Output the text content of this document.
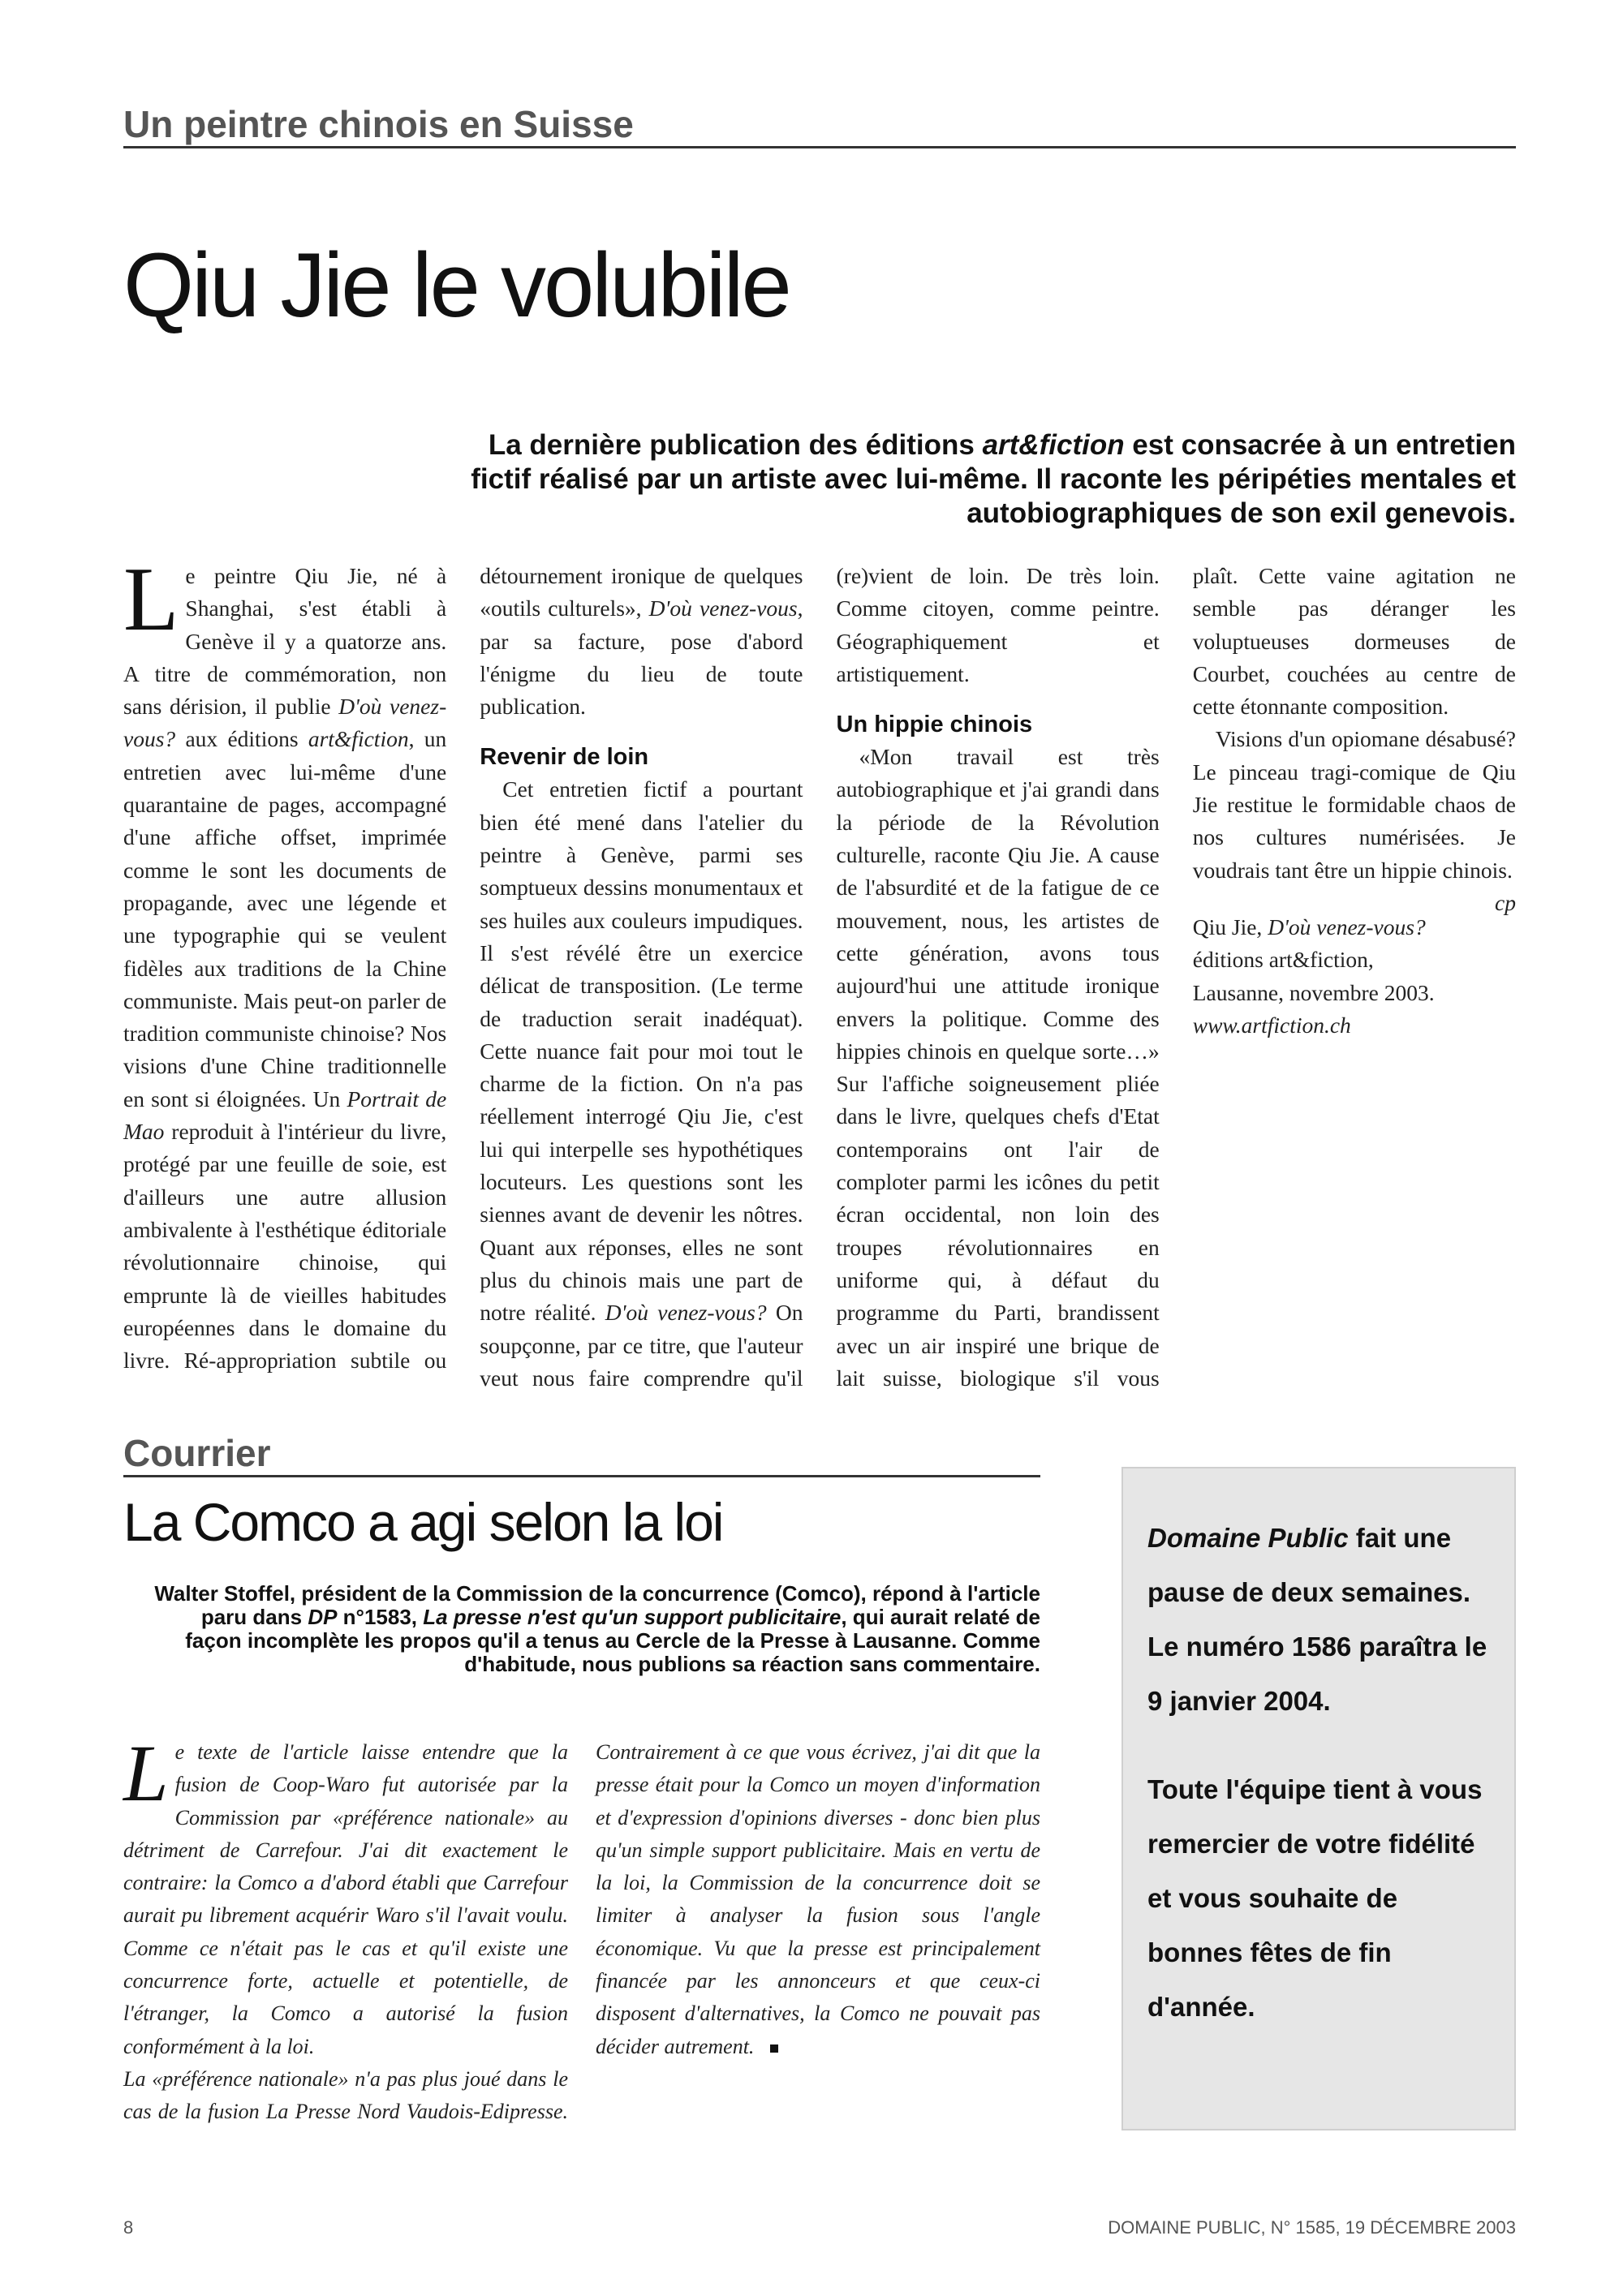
Un peintre chinois en Suisse
Qiu Jie le volubile
La dernière publication des éditions art&fiction est consacrée à un entretien fictif réalisé par un artiste avec lui-même. Il raconte les péripéties mentales et autobiographiques de son exil genevois.

Le peintre Qiu Jie, né à Shanghai, s'est établi à Genève il y a quatorze ans. A titre de commémoration, non sans dérision, il publie D'où venez-vous? aux éditions art&fiction, un entretien avec lui-même d'une quarantaine de pages, accompagné d'une affiche offset, imprimée comme le sont les documents de propagande, avec une légende et une typographie qui se veulent fidèles aux traditions de la Chine communiste. Mais peut-on parler de tradition communiste chinoise? Nos visions d'une Chine traditionnelle en sont si éloignées. Un Portrait de Mao reproduit à l'intérieur du livre, protégé par une feuille de soie, est d'ailleurs une autre allusion ambivalente à l'esthétique éditoriale révolutionnaire chinoise, qui emprunte là de vieilles habitudes européennes dans le domaine du livre. Ré-appropriation subtile ou détournement ironique de quelques «outils culturels», D'où venez-vous, par sa facture, pose d'abord l'énigme du lieu de toute publication.

Revenir de loin

Cet entretien fictif a pourtant bien été mené dans l'atelier du peintre à Genève, parmi ses somptueux dessins monumentaux et ses huiles aux couleurs impudiques. Il s'est révélé être un exercice délicat de transposition. (Le terme de traduction serait inadéquat). Cette nuance fait pour moi tout le charme de la fiction. On n'a pas réellement interrogé Qiu Jie, c'est lui qui interpelle ses hypothétiques locuteurs. Les questions sont les siennes avant de devenir les nôtres. Quant aux réponses, elles ne sont plus du chinois mais une part de notre réalité. D'où venez-vous? On soupçonne, par ce titre, que l'auteur veut nous faire comprendre qu'il (re)vient de loin. De très loin. Comme citoyen, comme peintre. Géographiquement et artistiquement.

Un hippie chinois

«Mon travail est très autobiographique et j'ai grandi dans la période de la Révolution culturelle, raconte Qiu Jie. A cause de l'absurdité et de la fatigue de ce mouvement, nous, les artistes de cette génération, avons tous aujourd'hui une attitude ironique envers la politique. Comme des hippies chinois en quelque sorte…» Sur l'affiche soigneusement pliée dans le livre, quelques chefs d'Etat contemporains ont l'air de comploter parmi les icônes du petit écran occidental, non loin des troupes révolutionnaires en uniforme qui, à défaut du programme du Parti, brandissent avec un air inspiré une brique de lait suisse, biologique s'il vous plaît. Cette vaine agitation ne semble pas déranger les voluptueuses dormeuses de Courbet, couchées au centre de cette étonnante composition.

Visions d'un opiomane désabusé? Le pinceau tragi-comique de Qiu Jie restitue le formidable chaos de nos cultures numérisées. Je voudrais tant être un hippie chinois.
cp

Qiu Jie, D'où venez-vous?
éditions art&fiction,
Lausanne, novembre 2003.
www.artfiction.ch
Courrier
La Comco a agi selon la loi
Walter Stoffel, président de la Commission de la concurrence (Comco), répond à l'article paru dans DP n°1583, La presse n'est qu'un support publicitaire, qui aurait relaté de façon incomplète les propos qu'il a tenus au Cercle de la Presse à Lausanne. Comme d'habitude, nous publions sa réaction sans commentaire.

Le texte de l'article laisse entendre que la fusion de Coop-Waro fut autorisée par la Commission par «préférence nationale» au détriment de Carrefour. J'ai dit exactement le contraire: la Comco a d'abord établi que Carrefour aurait pu librement acquérir Waro s'il l'avait voulu. Comme ce n'était pas le cas et qu'il existe une concurrence forte, actuelle et potentielle, de l'étranger, la Comco a autorisé la fusion conformément à la loi.

La «préférence nationale» n'a pas plus joué dans le cas de la fusion La Presse Nord Vaudois-Edipresse. Contrairement à ce que vous écrivez, j'ai dit que la presse était pour la Comco un moyen d'information et d'expression d'opinions diverses - donc bien plus qu'un simple support publicitaire. Mais en vertu de la loi, la Commission de la concurrence doit se limiter à analyser la fusion sous l'angle économique. Vu que la presse est principalement financée par les annonceurs et que ceux-ci disposent d'alternatives, la Comco ne pouvait pas décider autrement.

Domaine Public fait une pause de deux semaines.

Le numéro 1586 paraîtra le 9 janvier 2004.

Toute l'équipe tient à vous remercier de votre fidélité et vous souhaite de bonnes fêtes de fin d'année.

8	DOMAINE PUBLIC, N° 1585, 19 DÉCEMBRE 2003
